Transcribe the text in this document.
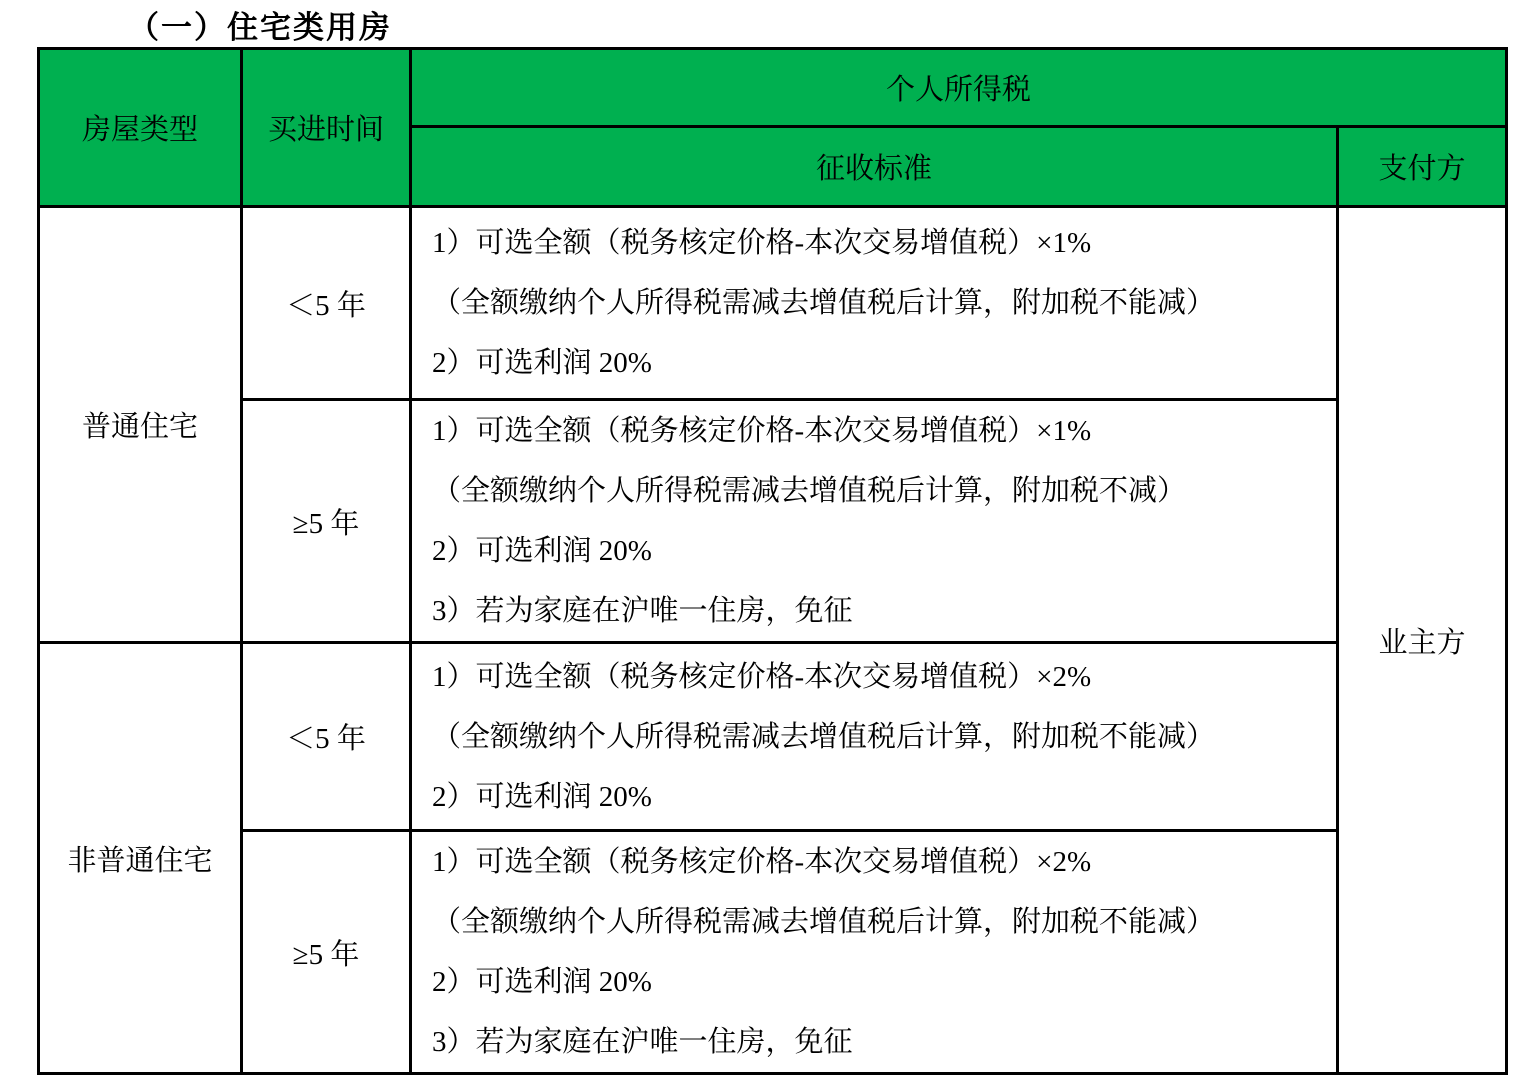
（一）住宅类用房
房屋类型	买进时间	个人所得税	
		征收标准	支付方
普通住宅	＜5 年	1）可选全额（税务核定价格-本次交易增值税）×1%
（全额缴纳个人所得税需减去增值税后计算，附加税不能减）
2）可选利润 20%	业主方
	≥5 年	1）可选全额（税务核定价格-本次交易增值税）×1%
（全额缴纳个人所得税需减去增值税后计算，附加税不减）
2）可选利润 20%
3）若为家庭在沪唯一住房，免征	

非普通住宅	＜5 年	1）可选全额（税务核定价格-本次交易增值税）×2%
（全额缴纳个人所得税需减去增值税后计算，附加税不能减）
2）可选利润 20%	

	≥5 年	1）可选全额（税务核定价格-本次交易增值税）×2%
（全额缴纳个人所得税需减去增值税后计算，附加税不能减）
2）可选利润 20%
3）若为家庭在沪唯一住房，免征	
